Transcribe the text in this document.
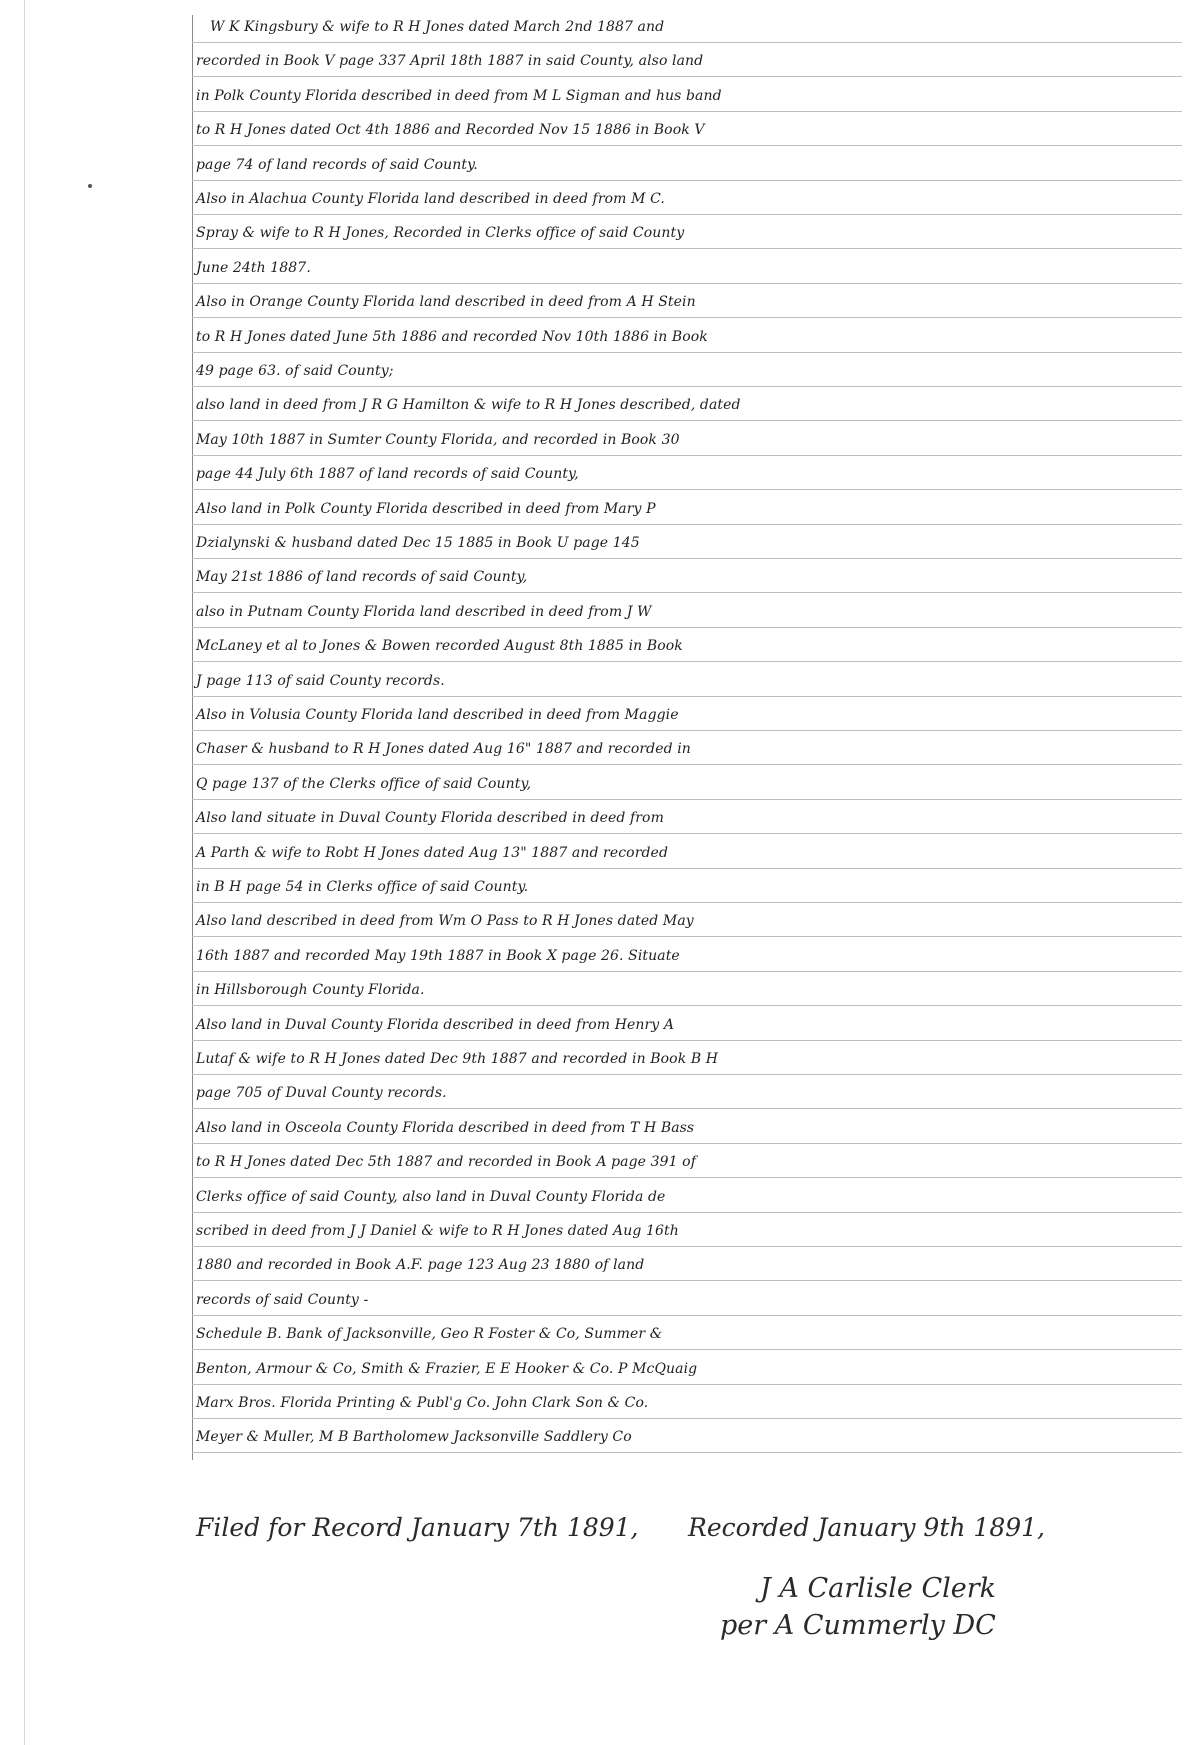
W K Kingsbury & wife to R H Jones dated March 2nd 1887 and
recorded in Book V page 337 April 18th 1887 in said County, also land
in Polk County Florida described in deed from M L Sigman and hus band
to R H Jones dated Oct 4th 1886 and Recorded Nov 15 1886 in Book V
page 74 of land records of said County.
Also in Alachua County Florida land described in deed from M C.
Spray & wife to R H Jones, Recorded in Clerks office of said County
June 24th 1887.
Also in Orange County Florida land described in deed from A H Stein
to R H Jones dated June 5th 1886 and recorded Nov 10th 1886 in Book
49 page 63. of said County;
also land in deed from J R G Hamilton & wife to R H Jones described, dated
May 10th 1887 in Sumter County Florida, and recorded in Book 30
page 44 July 6th 1887 of land records of said County,
Also land in Polk County Florida described in deed from Mary P
Dzialynski & husband dated Dec 15 1885 in Book U page 145
May 21st 1886 of land records of said County,
also in Putnam County Florida land described in deed from J W
McLaney et al to Jones & Bowen recorded August 8th 1885 in Book
J page 113 of said County records.
Also in Volusia County Florida land described in deed from Maggie
Chaser & husband to R H Jones dated Aug 16" 1887 and recorded in
Q page 137 of the Clerks office of said County,
Also land situate in Duval County Florida described in deed from
A Parth & wife to Robt H Jones dated Aug 13" 1887 and recorded
in B H page 54 in Clerks office of said County.
Also land described in deed from Wm O Pass to R H Jones dated May
16th 1887 and recorded May 19th 1887 in Book X page 26. Situate
in Hillsborough County Florida.
Also land in Duval County Florida described in deed from Henry A
Lutaf & wife to R H Jones dated Dec 9th 1887 and recorded in Book B H
page 705 of Duval County records.
Also land in Osceola County Florida described in deed from T H Bass
to R H Jones dated Dec 5th 1887 and recorded in Book A page 391 of
Clerks office of said County, also land in Duval County Florida de
scribed in deed from J J Daniel & wife to R H Jones dated Aug 16th
1880 and recorded in Book A.F. page 123 Aug 23 1880 of land
records of said County -
Schedule B. Bank of Jacksonville, Geo R Foster & Co, Summer &
Benton, Armour & Co, Smith & Frazier, E E Hooker & Co. P McQuaig
Marx Bros. Florida Printing & Publ'g Co. John Clark Son & Co.
Meyer & Muller, M B Bartholomew Jacksonville Saddlery Co
Filed for Record January 7th 1891, Recorded January 9th 1891,
J A Carlisle Clerk
per A Cummerly DC
